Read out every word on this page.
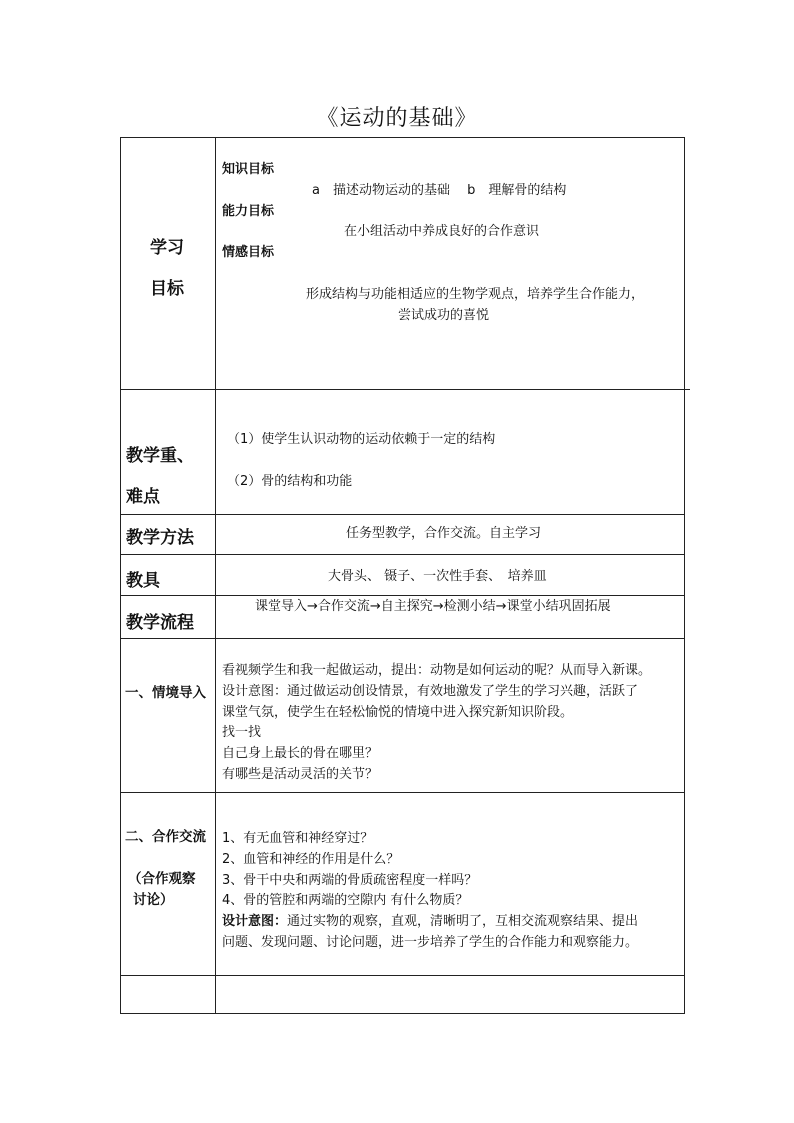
《运动的基础》
学习
目标
知识目标
a　描述动物运动的基础　 b　理解骨的结构
能力目标
在小组活动中养成良好的合作意识
情感目标
形成结构与功能相适应的生物学观点，培养学生合作能力，
尝试成功的喜悦
教学重、
难点
（1）使学生认识动物的运动依赖于一定的结构
（2）骨的结构和功能
教学方法	任务型教学，合作交流。自主学习
教具	大骨头、 镊子、一次性手套、　培养皿
教学流程
课堂导入→合作交流→自主探究→检测小结→课堂小结巩固拓展
一、情境导入
看视频学生和我一起做运动，提出：动物是如何运动的呢？从而导入新课。
设计意图：通过做运动创设情景，有效地激发了学生的学习兴趣，活跃了
课堂气氛，使学生在轻松愉悦的情境中进入探究新知识阶段。
找一找
自己身上最长的骨在哪里？
有哪些是活动灵活的关节？
二、合作交流
（合作观察
讨论）
1、有无血管和神经穿过？
2、血管和神经的作用是什么？
3、骨干中央和两端的骨质疏密程度一样吗？
4、骨的管腔和两端的空隙内 有什么物质？
设计意图：通过实物的观察，直观，清晰明了，互相交流观察结果、提出
问题、发现问题、讨论问题，进一步培养了学生的合作能力和观察能力。
